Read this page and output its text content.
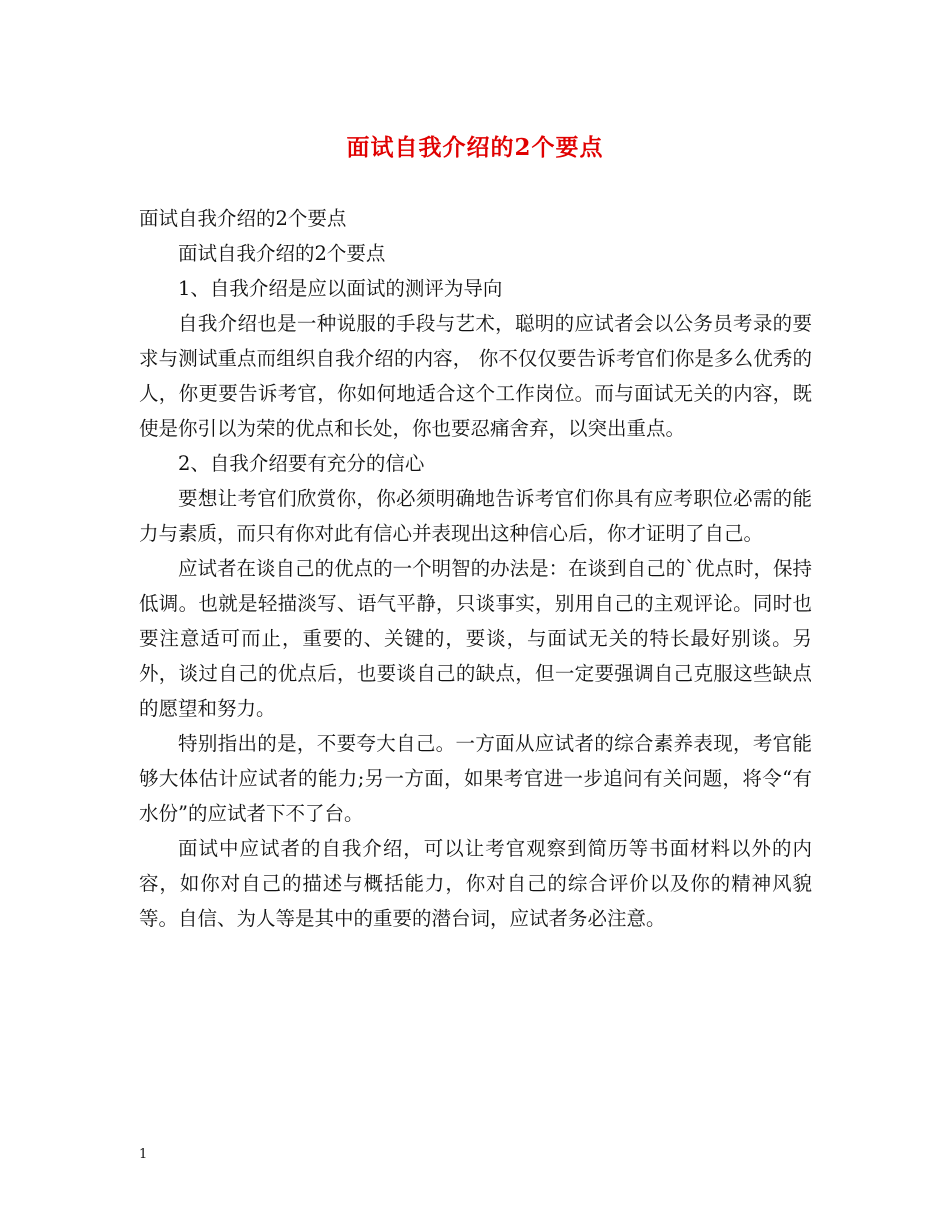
面试自我介绍的2个要点

面试自我介绍的2个要点

面试自我介绍的2个要点

1、自我介绍是应以面试的测评为导向

自我介绍也是一种说服的手段与艺术，聪明的应试者会以公务员考录的要求与测试重点而组织自我介绍的内容， 你不仅仅要告诉考官们你是多么优秀的人，你更要告诉考官，你如何地适合这个工作岗位。而与面试无关的内容，既使是你引以为荣的优点和长处，你也要忍痛舍弃，以突出重点。

2、自我介绍要有充分的信心

要想让考官们欣赏你，你必须明确地告诉考官们你具有应考职位必需的能力与素质，而只有你对此有信心并表现出这种信心后，你才证明了自己。

应试者在谈自己的优点的一个明智的办法是：在谈到自己的`优点时，保持低调。也就是轻描淡写、语气平静，只谈事实，别用自己的主观评论。同时也要注意适可而止，重要的、关键的，要谈，与面试无关的特长最好别谈。另外，谈过自己的优点后，也要谈自己的缺点，但一定要强调自己克服这些缺点的愿望和努力。

特别指出的是，不要夸大自己。一方面从应试者的综合素养表现，考官能够大体估计应试者的能力;另一方面，如果考官进一步追问有关问题，将令“有水份”的应试者下不了台。

面试中应试者的自我介绍，可以让考官观察到简历等书面材料以外的内容，如你对自己的描述与概括能力，你对自己的综合评价以及你的精神风貌等。自信、为人等是其中的重要的潜台词，应试者务必注意。

1
